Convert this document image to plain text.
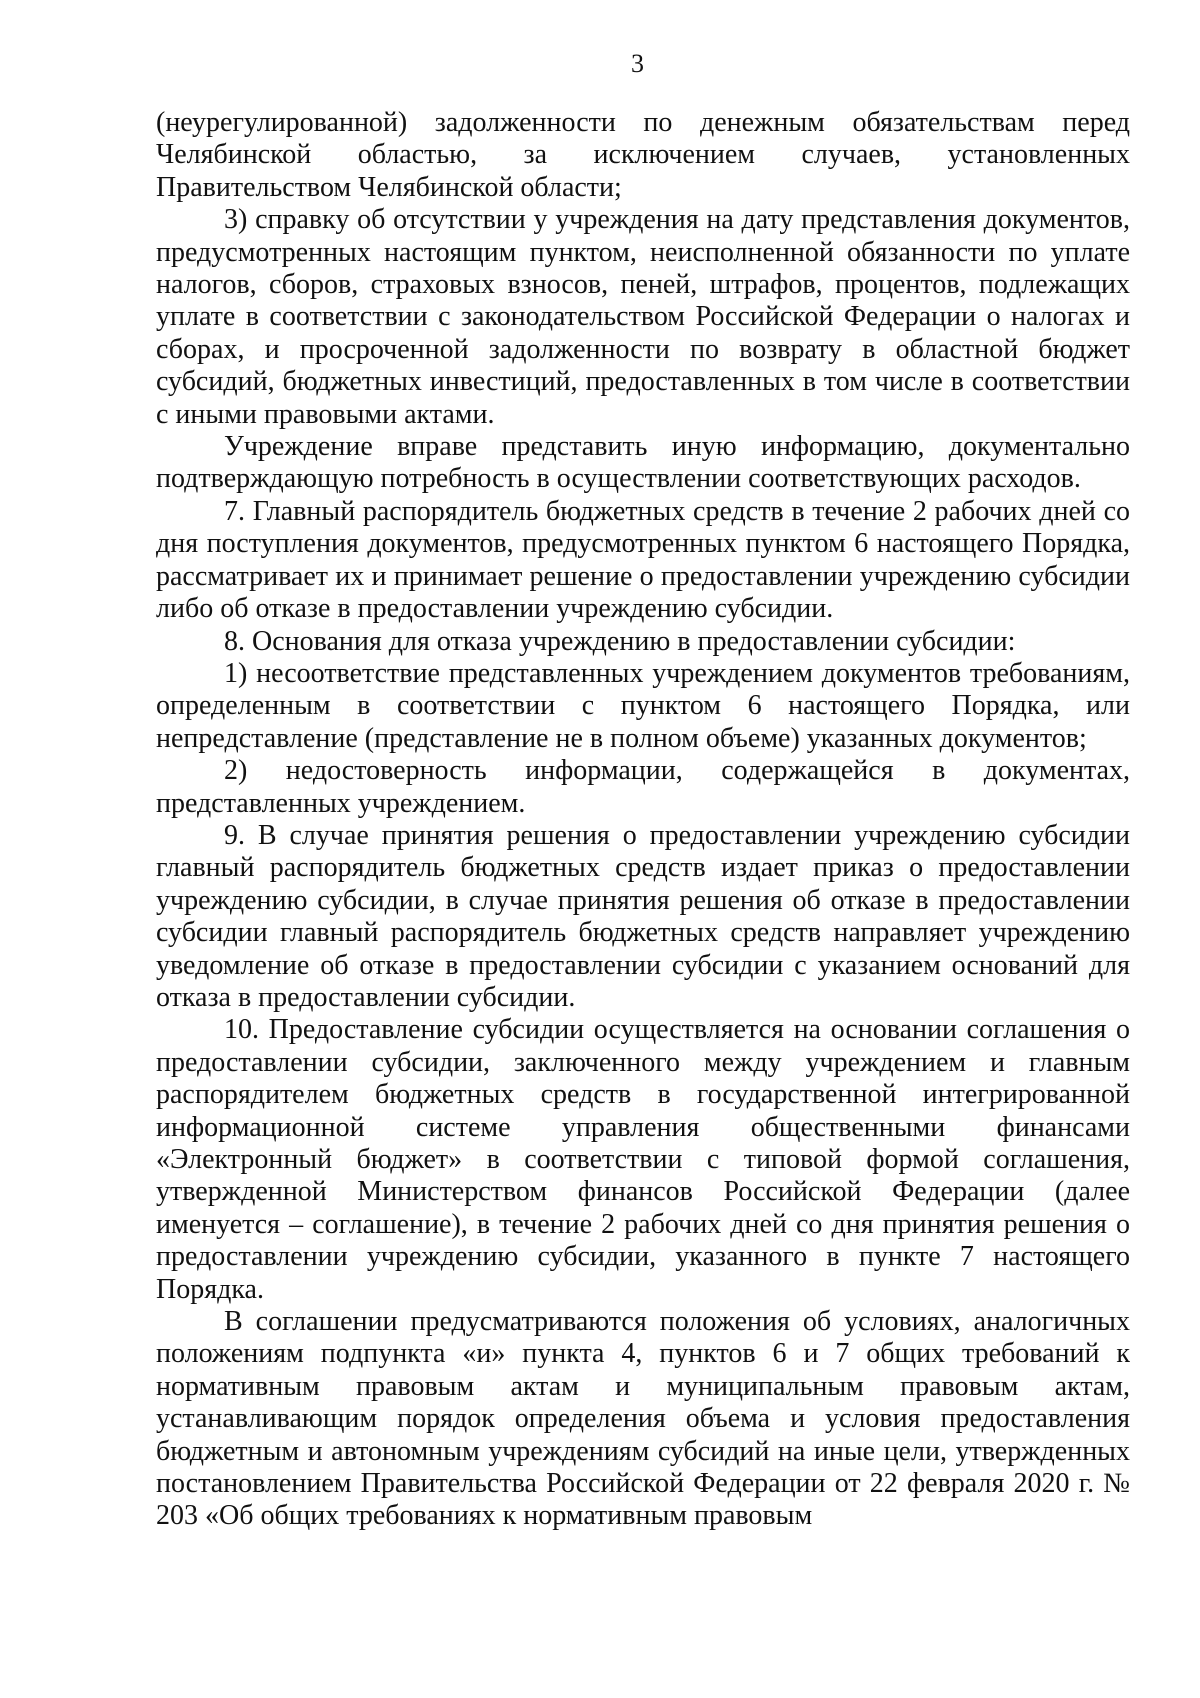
3

(неурегулированной) задолженности по денежным обязательствам перед Челябинской областью, за исключением случаев, установленных Правительством Челябинской области;

3) справку об отсутствии у учреждения на дату представления документов, предусмотренных настоящим пунктом, неисполненной обязанности по уплате налогов, сборов, страховых взносов, пеней, штрафов, процентов, подлежащих уплате в соответствии с законодательством Российской Федерации о налогах и сборах, и просроченной задолженности по возврату в областной бюджет субсидий, бюджетных инвестиций, предоставленных в том числе в соответствии с иными правовыми актами.

Учреждение вправе представить иную информацию, документально подтверждающую потребность в осуществлении соответствующих расходов.

7. Главный распорядитель бюджетных средств в течение 2 рабочих дней со дня поступления документов, предусмотренных пунктом 6 настоящего Порядка, рассматривает их и принимает решение о предоставлении учреждению субсидии либо об отказе в предоставлении учреждению субсидии.

8. Основания для отказа учреждению в предоставлении субсидии:

1) несоответствие представленных учреждением документов требованиям, определенным в соответствии с пунктом 6 настоящего Порядка, или непредставление (представление не в полном объеме) указанных документов;

2) недостоверность информации, содержащейся в документах, представленных учреждением.

9. В случае принятия решения о предоставлении учреждению субсидии главный распорядитель бюджетных средств издает приказ о предоставлении учреждению субсидии, в случае принятия решения об отказе в предоставлении субсидии главный распорядитель бюджетных средств направляет учреждению уведомление об отказе в предоставлении субсидии с указанием оснований для отказа в предоставлении субсидии.

10. Предоставление субсидии осуществляется на основании соглашения о предоставлении субсидии, заключенного между учреждением и главным распорядителем бюджетных средств в государственной интегрированной информационной системе управления общественными финансами «Электронный бюджет» в соответствии с типовой формой соглашения, утвержденной Министерством финансов Российской Федерации (далее именуется – соглашение), в течение 2 рабочих дней со дня принятия решения о предоставлении учреждению субсидии, указанного в пункте 7 настоящего Порядка.

В соглашении предусматриваются положения об условиях, аналогичных положениям подпункта «и» пункта 4, пунктов 6 и 7 общих требований к нормативным правовым актам и муниципальным правовым актам, устанавливающим порядок определения объема и условия предоставления бюджетным и автономным учреждениям субсидий на иные цели, утвержденных постановлением Правительства Российской Федерации от 22 февраля 2020 г. № 203 «Об общих требованиях к нормативным правовым
